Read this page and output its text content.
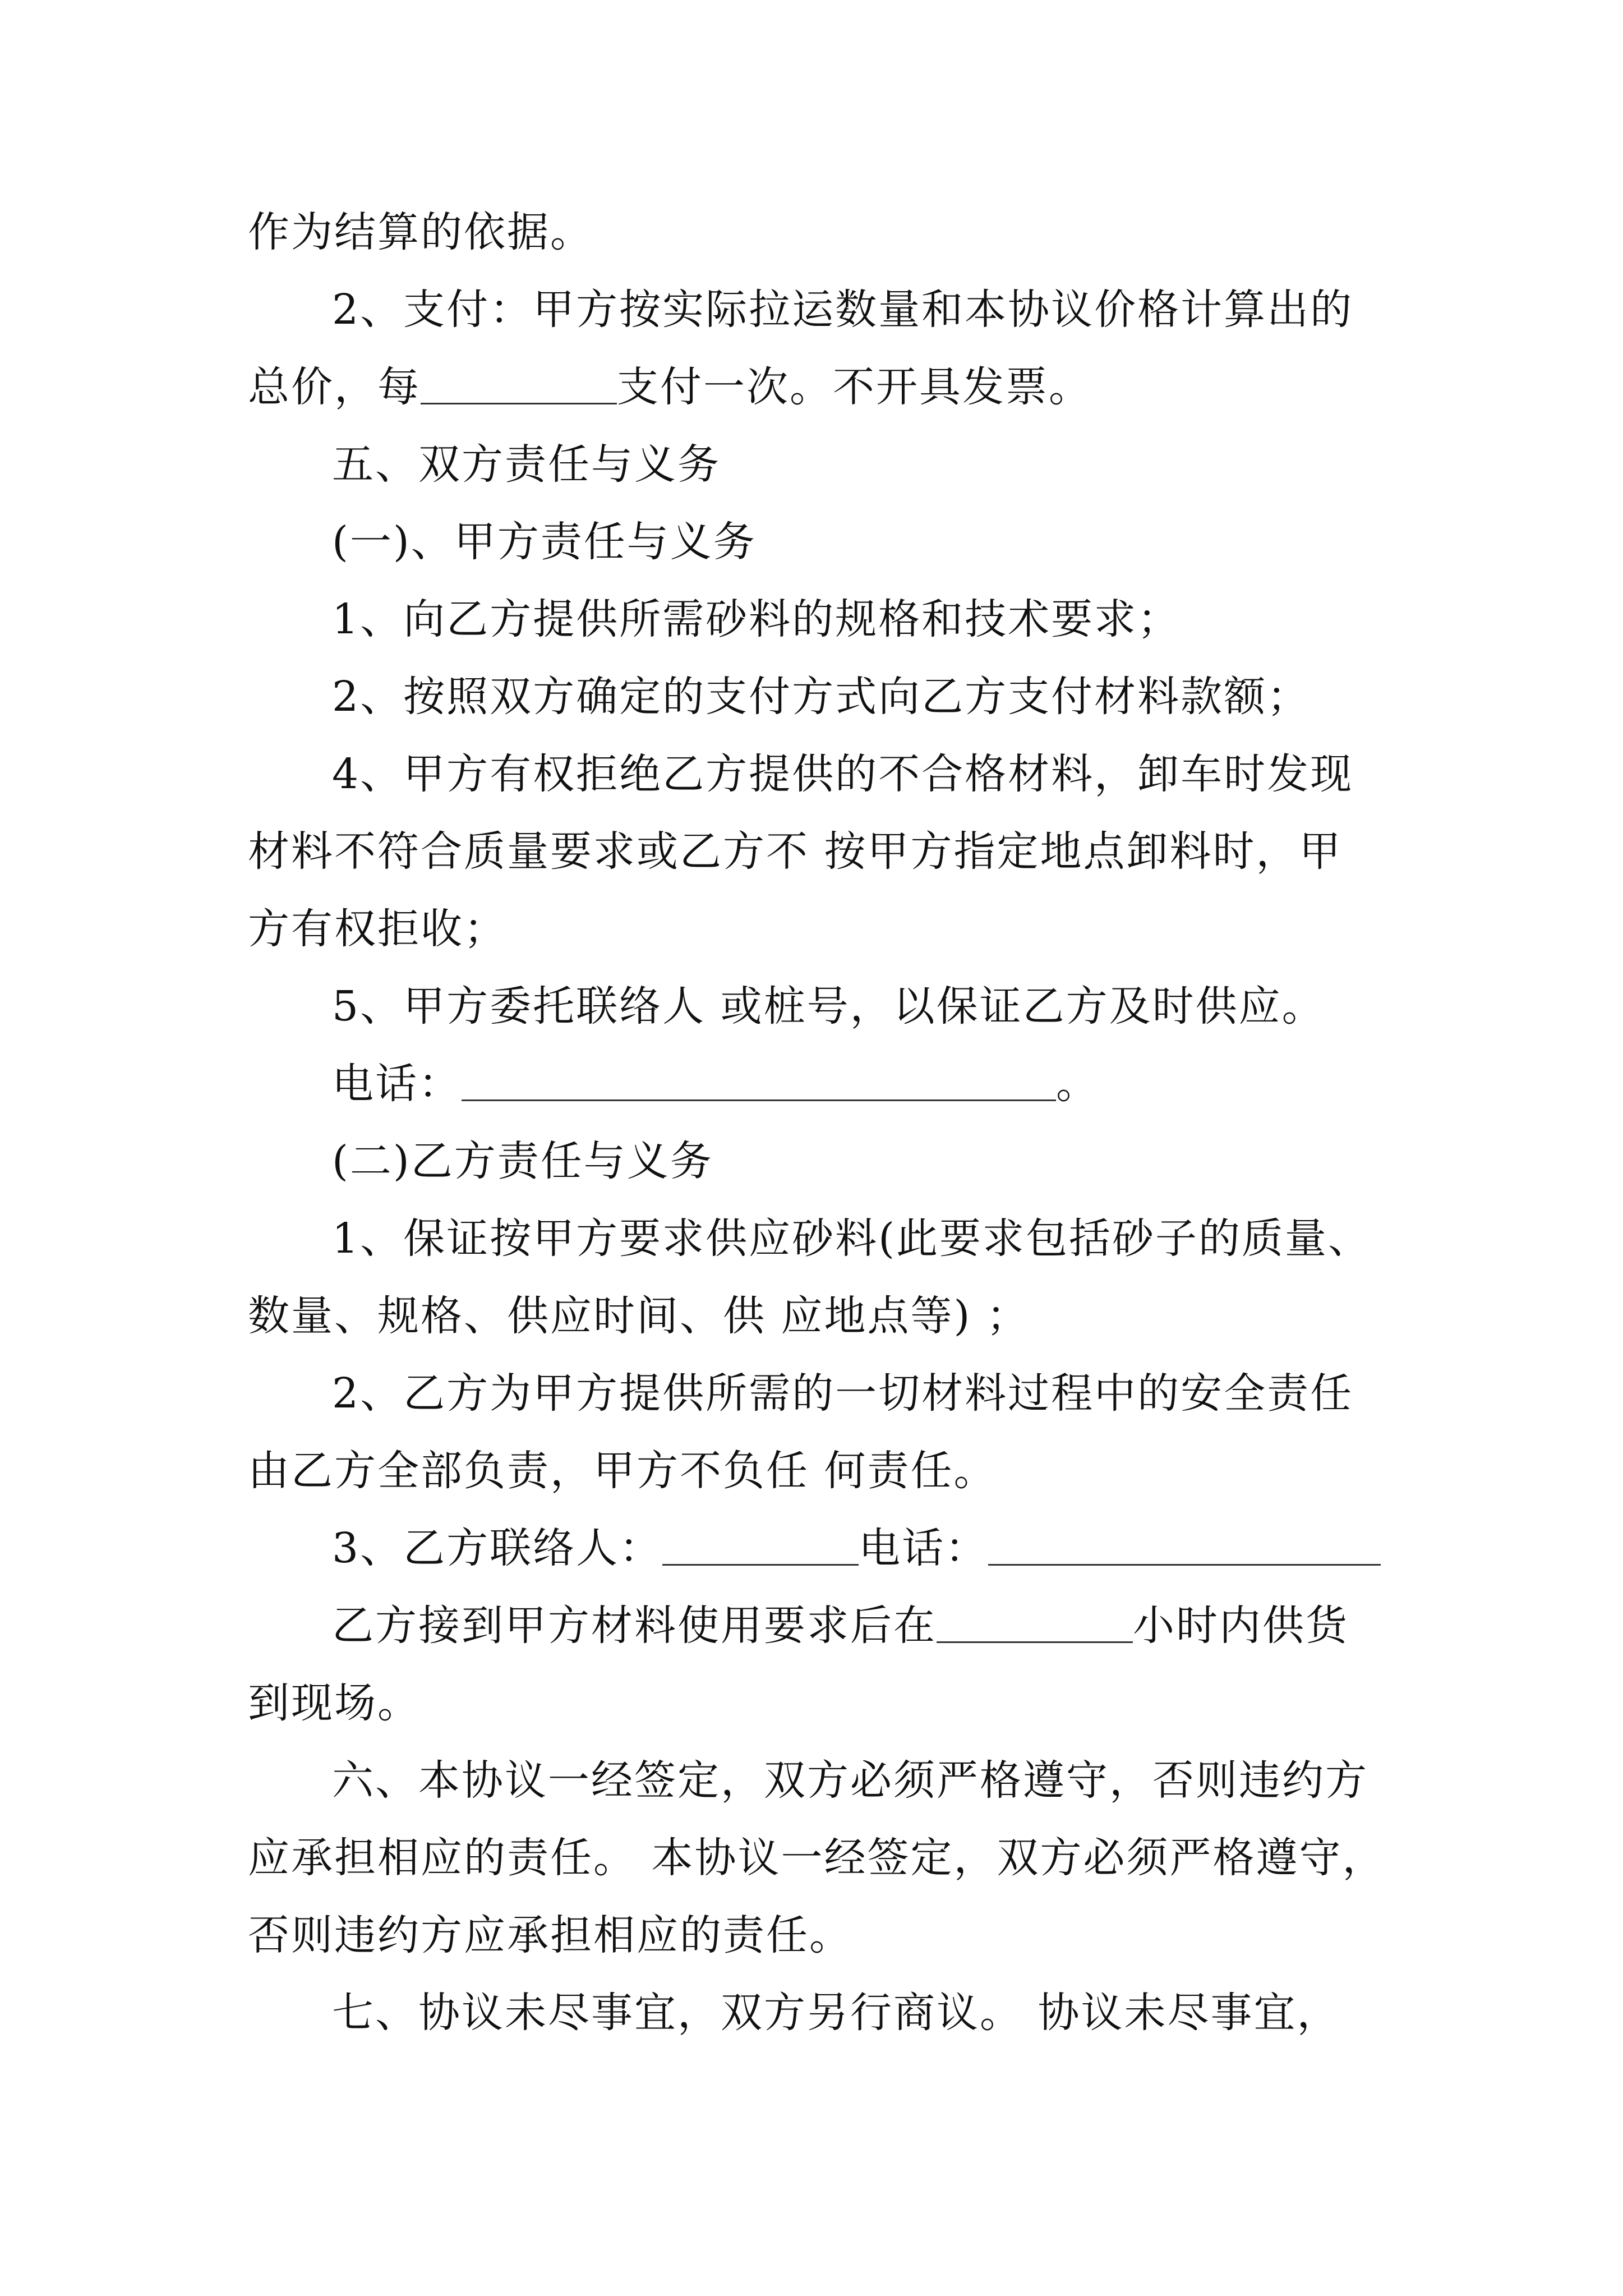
作为结算的依据。
2、支付：甲方按实际拉运数量和本协议价格计算出的
总价，每	支付一次。不开具发票。
五、双方责任与义务
(一)、甲方责任与义务
1、向乙方提供所需砂料的规格和技术要求；
2、按照双方确定的支付方式向乙方支付材料款额；
4、甲方有权拒绝乙方提供的不合格材料，卸车时发现
材料不符合质量要求或乙方不 按甲方指定地点卸料时，甲
方有权拒收；
5、甲方委托联络人 或桩号，以保证乙方及时供应。
电话：	。
(二)乙方责任与义务
1、保证按甲方要求供应砂料(此要求包括砂子的质量、
数量、规格、供应时间、供 应地点等) ；
2、乙方为甲方提供所需的一切材料过程中的安全责任
由乙方全部负责，甲方不负任 何责任。
3、乙方联络人：	电话：
乙方接到甲方材料使用要求后在	小时内供货
到现场。
六、本协议一经签定，双方必须严格遵守，否则违约方
应承担相应的责任。 本协议一经签定，双方必须严格遵守，
否则违约方应承担相应的责任。
七、协议未尽事宜，双方另行商议。 协议未尽事宜，
